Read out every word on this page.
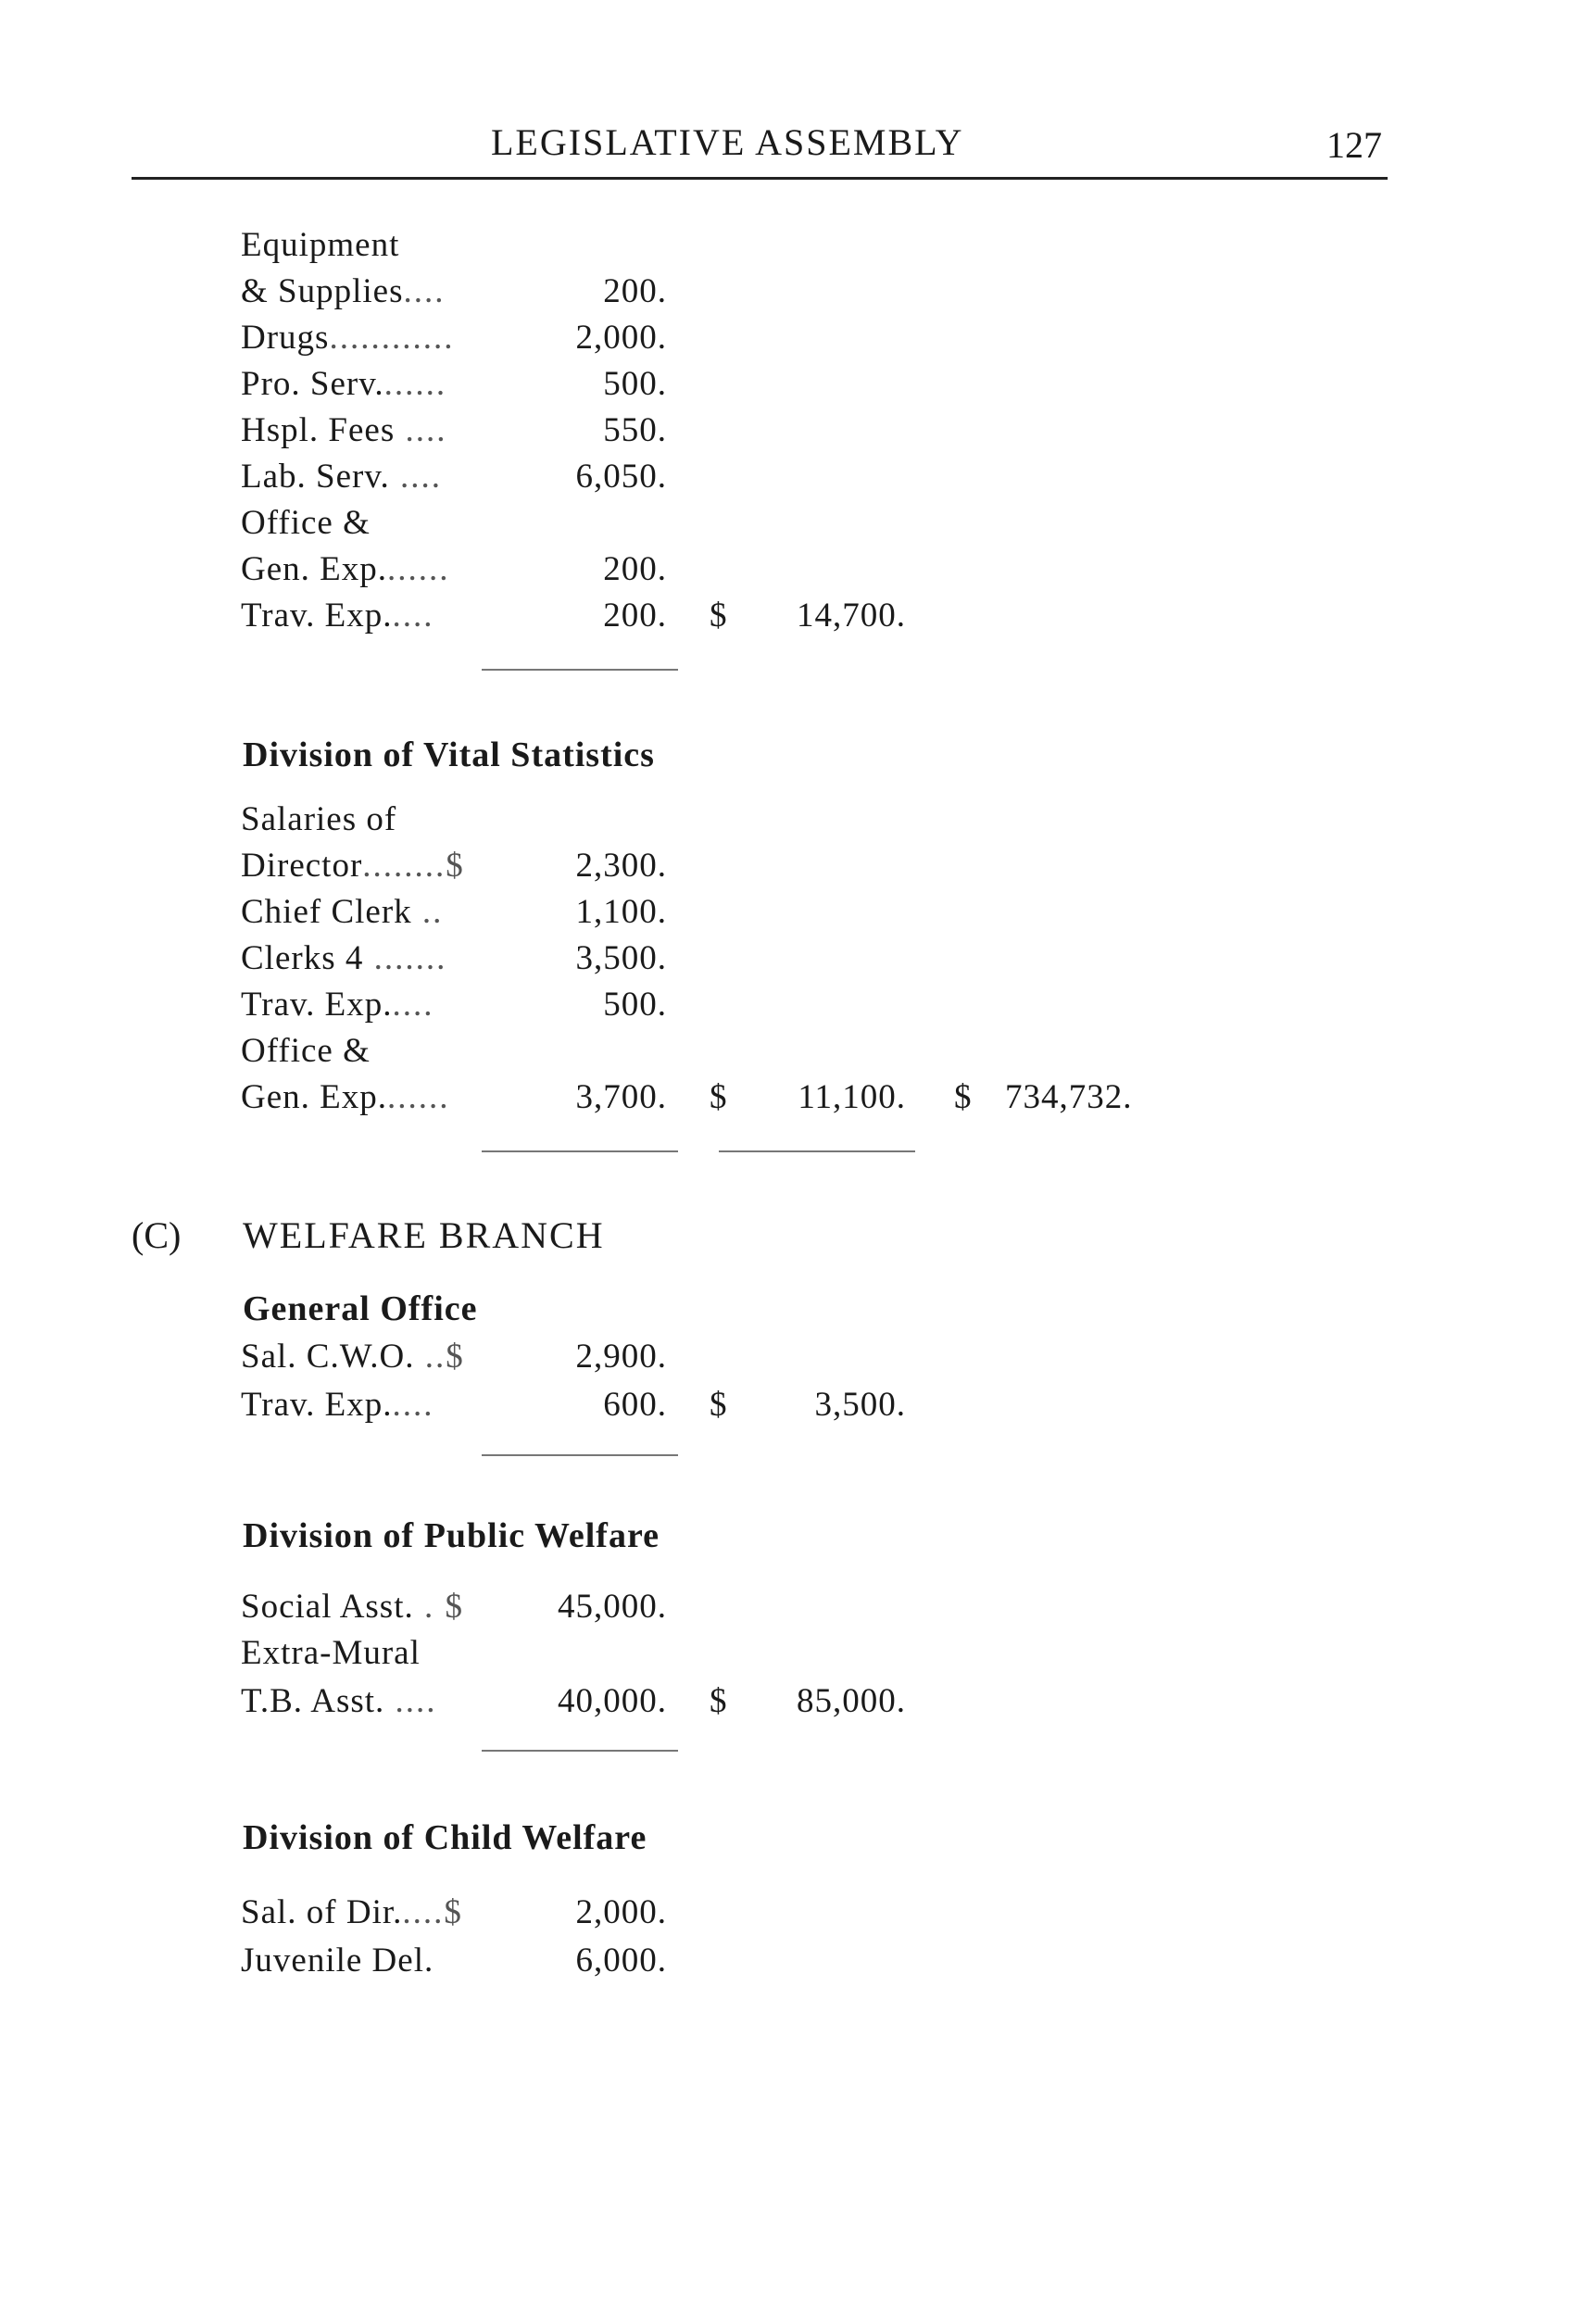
LEGISLATIVE ASSEMBLY	127
Equipment
& Supplies....	200.
Drugs............	2,000.
Pro. Serv.......	500.
Hspl. Fees ....	550.
Lab. Serv. ....	6,050.
Office &
Gen. Exp.......	200.
Trav. Exp.....	200. $	14,700.
Division of Vital Statistics
Salaries of
Director........$	2,300.
Chief Clerk ..	1,100.
Clerks 4 .......	3,500.
Trav. Exp.....	500.
Office &
Gen. Exp.......	3,700. $	11,100. $ 734,732.
(C) WELFARE BRANCH
General Office
Sal. C.W.O. ..$	2,900.
Trav. Exp.....	600. $	3,500.
Division of Public Welfare
Social Asst. . $	45,000.
Extra-Mural
T.B. Asst. ....	40,000. $	85,000.
Division of Child Welfare
Sal. of Dir.....$	2,000.
Juvenile Del.	6,000.
